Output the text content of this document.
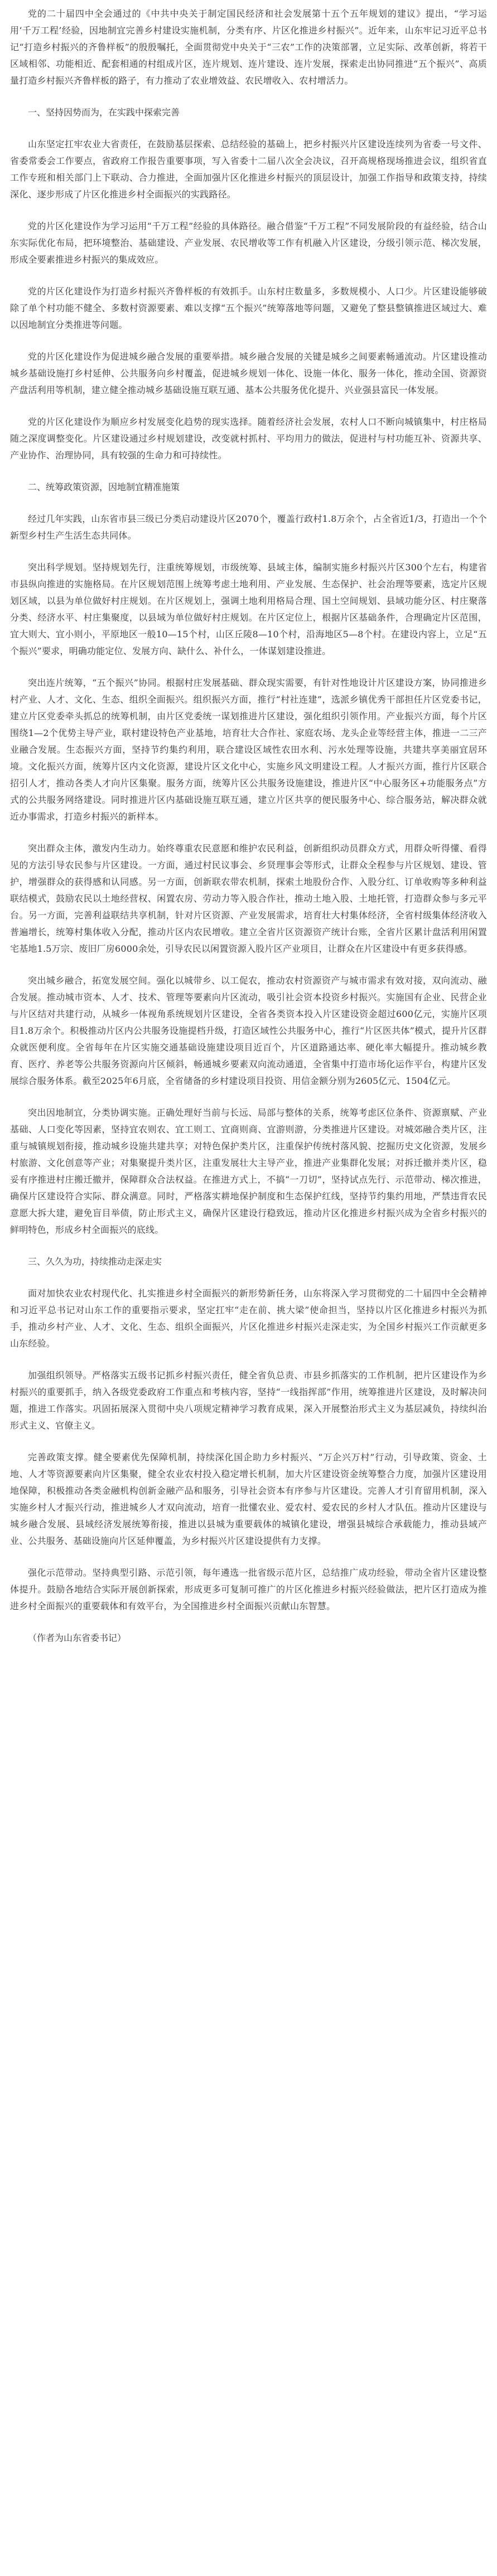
党的二十届四中全会通过的《中共中央关于制定国民经济和社会发展第十五个五年规划的建议》提出，“学习运用‘千万工程’经验，因地制宜完善乡村建设实施机制，分类有序、片区化推进乡村振兴”。近年来，山东牢记习近平总书记“打造乡村振兴的齐鲁样板”的殷殷嘱托，全面贯彻党中央关于“三农”工作的决策部署，立足实际、改革创新，将若干区域相邻、功能相近、配套相通的村组成片区，连片规划、连片建设、连片发展，探索走出协同推进“五个振兴”、高质量打造乡村振兴齐鲁样板的路子，有力推动了农业增效益、农民增收入、农村增活力。

一、坚持因势而为，在实践中探索完善

山东坚定扛牢农业大省责任，在鼓励基层探索、总结经验的基础上，把乡村振兴片区建设连续列为省委一号文件、省委常委会工作要点，省政府工作报告重要事项，写入省委十二届八次全会决议，召开高规格现场推进会议，组织省直工作专班和相关部门上下联动、合力推进，全面加强片区化推进乡村振兴的顶层设计，加强工作指导和政策支持，持续深化、逐步形成了片区化推进乡村全面振兴的实践路径。

党的片区化建设作为学习运用“千万工程”经验的具体路径。融合借鉴“千万工程”不同发展阶段的有益经验，结合山东实际优化布局，把环境整治、基础建设、产业发展、农民增收等工作有机融入片区建设，分级引领示范、梯次发展，形成全要素推进乡村振兴的集成效应。

党的片区化建设作为打造乡村振兴齐鲁样板的有效抓手。山东村庄数量多，多数规模小、人口少。片区建设能够破除了单个村功能不健全、多数村资源要素、难以支撑“五个振兴”统筹落地等问题，又避免了整县整镇推进区域过大、难以因地制宜分类推进等问题。

党的片区化建设作为促进城乡融合发展的重要举措。城乡融合发展的关键是城乡之间要素畅通流动。片区建设推动城乡基础设施打乡村延伸、公共服务向乡村覆盖，促进城乡规划一体化、设施一体化、服务一体化，推动全国、资源资产盘活利用等机制，建立健全推动城乡基础设施互联互通、基本公共服务优化提升、兴业强县富民一体发展。

党的片区化建设作为顺应乡村发展变化趋势的现实选择。随着经济社会发展，农村人口不断向城镇集中，村庄格局随之深度调整变化。片区建设通过乡村规划建设，改变就村抓村、平均用力的做法，促进村与村功能互补、资源共享、产业协作、治理协同，具有较强的生命力和可持续性。

二、统筹政策资源，因地制宜精准施策

经过几年实践，山东省市县三级已分类启动建设片区2070个，覆盖行政村1.8万余个，占全省近1/3，打造出一个个新型乡村生产生活生态共同体。

突出科学规划。坚持规划先行，注重统筹规划，市级统筹、县域主体，编制实施乡村振兴片区300个左右，构建省市县纵向推进的实施格局。在片区规划范围上统筹考虑土地利用、产业发展、生态保护、社会治理等要素，选定片区规划区域，以县为单位做好村庄规划。在片区规划上，强调土地利用格局合理、国土空间规划、县域功能分区、村庄聚落分类、经济水平、村庄集聚度，以县域为单位做好村庄规划。在片区定位上，根据片区基础条件，合理确定片区范围，宜大则大、宜小则小，平原地区一般10—15个村，山区丘陵8—10个村，沿海地区5—8个村。在建设内容上，立足“五个振兴”要求，明确功能定位、发展方向、缺什么、补什么，一体谋划建设推进。

突出连片统筹，“五个振兴”协同。根据村庄发展基础、群众现实需要，有针对性地设计片区建设方案，协同推进乡村产业、人才、文化、生态、组织全面振兴。组织振兴方面，推行“村社连建”，选派乡镇优秀干部担任片区党委书记，建立片区党委牵头抓总的统筹机制，由片区党委统一谋划推进片区建设，强化组织引领作用。产业振兴方面，每个片区围绕1—2个优势主导产业，联村建设特色产业基地，培育壮大合作社、家庭农场、龙头企业等经营主体，推进一二三产业融合发展。生态振兴方面，坚持节约集约利用，联合建设区域性农田水利、污水处理等设施，共建共享美丽宜居环境。文化振兴方面，统筹片区内文化资源，建设片区文化中心，实施乡风文明建设工程。人才振兴方面，推行片区联合招引人才，推动各类人才向片区集聚。服务方面，统筹片区公共服务设施建设，推进片区“中心服务区+功能服务点”方式的公共服务网络建设。同时推进片区内基础设施互联互通，建立片区共享的便民服务中心、综合服务站，解决群众就近办事需求，打造乡村振兴的新样本。

突出群众主体，激发内生动力。始终尊重农民意愿和维护农民利益，创新组织动员群众方式，用群众听得懂、看得见的方法引导农民参与片区建设。一方面，通过村民议事会、乡贤理事会等形式，让群众全程参与片区规划、建设、管护，增强群众的获得感和认同感。另一方面，创新联农带农机制，探索土地股份合作、入股分红、订单收购等多种利益联结模式，鼓励农民以土地经营权、闲置农房、劳动力等入股合作社，推动土地入股、土地托管，打造群众参与多元平台。另一方面，完善利益联结共享机制，针对片区资源、产业发展需求，培育壮大村集体经济，全省村级集体经济收入普遍增长，统筹村集体收入分配，推动片区内农民增收。建立全省片区资源资产统计台账，全省片区累计盘活利用闲置宅基地1.5万宗、废旧厂房6000余处，引导农民以闲置资源入股片区产业项目，让群众在片区建设中有更多获得感。

突出城乡融合，拓宽发展空间。强化以城带乡、以工促农，推动农村资源资产与城市需求有效对接，双向流动、融合发展。推动城市资本、人才、技术、管理等要素向片区流动，吸引社会资本投资乡村振兴。实施国有企业、民营企业与片区结对共建行动，从城乡一体视角系统规划片区建设，全省各类资本投入片区建设资金超过600亿元，实施片区项目1.8万余个。积极推动片区内公共服务设施提档升级，打造区域性公共服务中心，推行“片区医共体”模式，提升片区群众就医便利度。全省每年在片区实施交通基础设施建设项目近百个，片区道路通达率、硬化率大幅提升。推动城乡教育、医疗、养老等公共服务资源向片区倾斜，畅通城乡要素双向流动通道，全省集中打造市场化运作平台，构建片区发展综合服务体系。截至2025年6月底，全省储备的乡村建设项目投资、用信金额分别为2605亿元、1504亿元。

突出因地制宜，分类协调实施。正确处理好当前与长远、局部与整体的关系，统筹考虑区位条件、资源禀赋、产业基础、人口变化等因素，坚持宜农则农、宜工则工、宜商则商、宜游则游，分类推进片区建设。对城郊融合类片区，注重与城镇规划衔接，推动城乡设施共建共享；对特色保护类片区，注重保护传统村落风貌、挖掘历史文化资源，发展乡村旅游、文化创意等产业；对集聚提升类片区，注重发展壮大主导产业，推进产业集群化发展；对拆迁撤并类片区，稳妥有序推进村庄搬迁撤并，保障群众合法权益。在推进方式上，不搞“一刀切”，坚持试点先行、示范带动、梯次推进，确保片区建设符合实际、群众满意。同时，严格落实耕地保护制度和生态保护红线，坚持节约集约用地，严禁违背农民意愿大拆大建，避免盲目举债，防止形式主义，确保片区建设行稳致远，推动片区化推进乡村振兴成为全省乡村振兴的鲜明特色，形成乡村全面振兴的底线。

三、久久为功，持续推动走深走实

面对加快农业农村现代化、扎实推进乡村全面振兴的新形势新任务，山东将深入学习贯彻党的二十届四中全会精神和习近平总书记对山东工作的重要指示要求，坚定扛牢“走在前、挑大梁”使命担当，坚持以片区化推进乡村振兴为抓手，推动乡村产业、人才、文化、生态、组织全面振兴，片区化推进乡村振兴走深走实，为全国乡村振兴工作贡献更多山东经验。

加强组织领导。严格落实五级书记抓乡村振兴责任，健全省负总责、市县乡抓落实的工作机制，把片区建设作为乡村振兴的重要抓手，纳入各级党委政府工作重点和考核内容，坚持“一线指挥部”作用，统筹推进片区建设，及时解决问题，推进工作落实。巩固拓展深入贯彻中央八项规定精神学习教育成果，深入开展整治形式主义为基层减负，持续纠治形式主义、官僚主义。

完善政策支撑。健全要素优先保障机制，持续深化国企助力乡村振兴、“万企兴万村”行动，引导政策、资金、土地、人才等资源要素向片区集聚，健全农业农村投入稳定增长机制，加大片区建设资金统筹整合力度，加强片区建设用地保障，积极推动各类金融机构创新金融产品和服务，引导社会资本有序参与片区建设。完善人才引育留用机制，深入实施乡村人才振兴行动，推进城乡人才双向流动，培育一批懂农业、爱农村、爱农民的乡村人才队伍。推动片区建设与城乡融合发展、县域经济发展统筹衔接，推进以县城为重要载体的城镇化建设，增强县城综合承载能力，推动县域产业、公共服务、基础设施向片区延伸覆盖，为乡村振兴片区建设提供有力支撑。

强化示范带动。坚持典型引路、示范引领，每年遴选一批省级示范片区，总结推广成功经验，带动全省片区建设整体提升。鼓励各地结合实际开展创新探索，形成更多可复制可推广的片区化推进乡村振兴经验做法，把片区打造成为推进乡村全面振兴的重要载体和有效平台，为全国推进乡村全面振兴贡献山东智慧。

（作者为山东省委书记）
